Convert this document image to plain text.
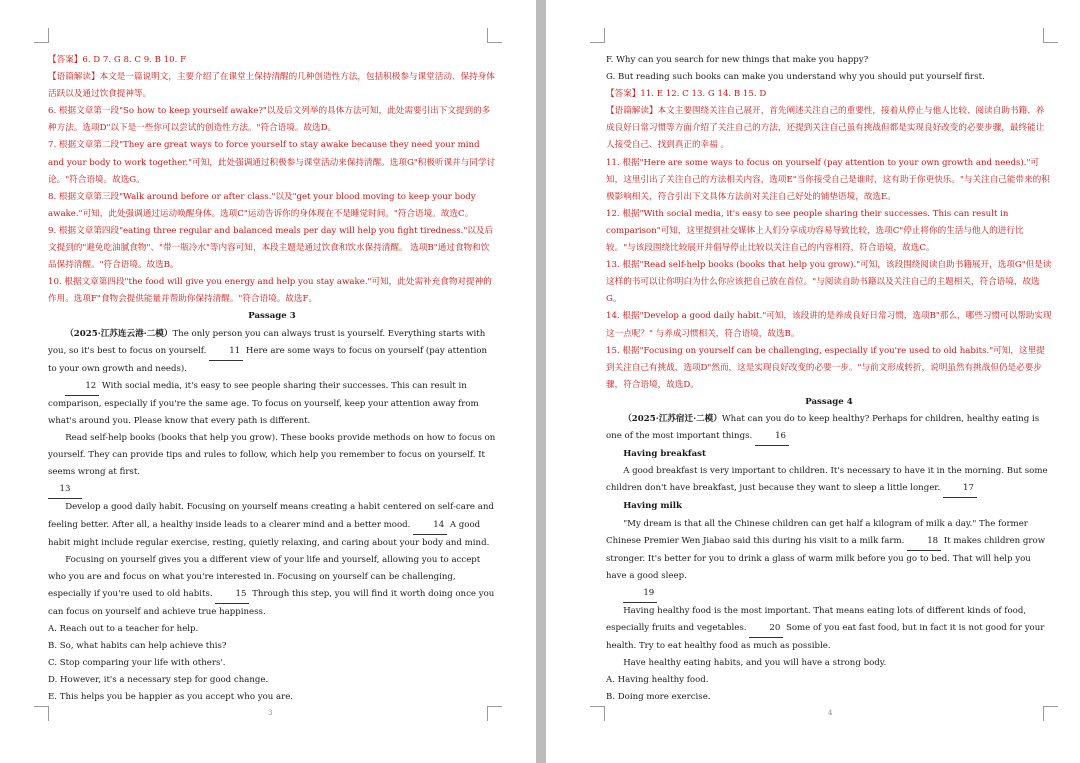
【答案】6. D 7. G 8. C 9. B 10. F

【语篇解读】本文是一篇说明文，主要介绍了在课堂上保持清醒的几种创造性方法，包括积极参与课堂活动、保持身体活跃以及通过饮食提神等。

6. 根据文章第一段"So how to keep yourself awake?"以及后文列举的具体方法可知，此处需要引出下文提到的多种方法。选项D"以下是一些你可以尝试的创造性方法。"符合语境。故选D。

7. 根据文章第二段"They are great ways to force yourself to stay awake because they need your mind and your body to work together."可知，此处强调通过积极参与课堂活动来保持清醒。选项G"积极听课并与同学讨论。"符合语境。故选G。

8. 根据文章第三段"Walk around before or after class."以及"get your blood moving to keep your body awake."可知，此处强调通过运动唤醒身体。选项C"运动告诉你的身体现在不是睡觉时间。"符合语境。故选C。

9. 根据文章第四段"eating three regular and balanced meals per day will help you fight tiredness."以及后文提到的"避免吃油腻食物"、"带一瓶冷水"等内容可知，本段主题是通过饮食和饮水保持清醒。 选项B"通过食物和饮品保持清醒。"符合语境。故选B。

10. 根据文章第四段"the food will give you energy and help you stay awake."可知，此处需补充食物对提神的作用。选项F"食物会提供能量并帮助你保持清醒。"符合语境。故选F。

Passage 3

（2025·江苏连云港·二模）The only person you can always trust is yourself. Everything starts with you, so it's best to focus on yourself. 11 Here are some ways to focus on yourself (pay attention to your own growth and needs).

12 With social media, it's easy to see people sharing their successes. This can result in comparison, especially if you're the same age. To focus on yourself, keep your attention away from what's around you. Please know that every path is different.

Read self-help books (books that help you grow). These books provide methods on how to focus on yourself. They can provide tips and rules to follow, which help you remember to focus on yourself. It seems wrong at first.

13

Develop a good daily habit. Focusing on yourself means creating a habit centered on self-care and feeling better. After all, a healthy inside leads to a clearer mind and a better mood. 14 A good habit might include regular exercise, resting, quietly relaxing, and caring about your body and mind.

Focusing on yourself gives you a different view of your life and yourself, allowing you to accept who you are and focus on what you're interested in. Focusing on yourself can be challenging, especially if you're used to old habits. 15 Through this step, you will find it worth doing once you can focus on yourself and achieve true happiness.

A. Reach out to a teacher for help.

B. So, what habits can help achieve this?

C. Stop comparing your life with others'.

D. However, it's a necessary step for good change.

E. This helps you be happier as you accept who you are.

3

F. Why can you search for new things that make you happy?

G. But reading such books can make you understand why you should put yourself first.

【答案】11. E 12. C 13. G 14. B 15. D

【语篇解读】本文主要围绕关注自己展开，首先阐述关注自己的重要性，接着从停止与他人比较、阅读自助书籍、养成良好日常习惯等方面介绍了关注自己的方法，还提到关注自己虽有挑战但都是实现良好改变的必要步骤，最终能让人接受自己、找到真正的幸福 。

11. 根据"Here are some ways to focus on yourself (pay attention to your own growth and needs)."可知，这里引出了关注自己的方法相关内容，选项E"当你接受自己是谁时，这有助于你更快乐。"与关注自己能带来的积极影响相关，符合引出下文具体方法前对关注自己好处的铺垫语境，故选E。

12. 根据"With social media, it's easy to see people sharing their successes. This can result in comparison"可知，这里提到社交媒体上人们分享成功容易导致比较，选项C"停止将你的生活与他人的进行比较。"与该段围绕比较展开并倡导停止比较以关注自己的内容相符，符合语境，故选C。

13. 根据"Read self-help books (books that help you grow)."可知，该段围绕阅读自助书籍展开，选项G"但是读这样的书可以让你明白为什么你应该把自己放在首位。"与阅读自助书籍以及关注自己的主题相关，符合语境，故选G。

14. 根据"Develop a good daily habit."可知，该段讲的是养成良好日常习惯，选项B"那么，哪些习惯可以帮助实现这一点呢？" 与养成习惯相关，符合语境，故选B。

15. 根据"Focusing on yourself can be challenging, especially if you're used to old habits."可知，这里提到关注自己有挑战，选项D"然而，这是实现良好改变的必要一步。"与前文形成转折，说明虽然有挑战但仍是必要步骤，符合语境，故选D。

Passage 4

（2025·江苏宿迁·二模）What can you do to keep healthy? Perhaps for children, healthy eating is one of the most important things. 16

Having breakfast

A good breakfast is very important to children. It's necessary to have it in the morning. But some children don't have breakfast, just because they want to sleep a little longer. 17

Having milk

"My dream is that all the Chinese children can get half a kilogram of milk a day." The former Chinese Premier Wen Jiabao said this during his visit to a milk farm. 18 It makes children grow stronger. It's better for you to drink a glass of warm milk before you go to bed. That will help you have a good sleep.

19

Having healthy food is the most important. That means eating lots of different kinds of food, especially fruits and vegetables. 20 Some of you eat fast food, but in fact it is not good for your health. Try to eat healthy food as much as possible.

Have healthy eating habits, and you will have a strong body.

A. Having healthy food.

B. Doing more exercise.

4
